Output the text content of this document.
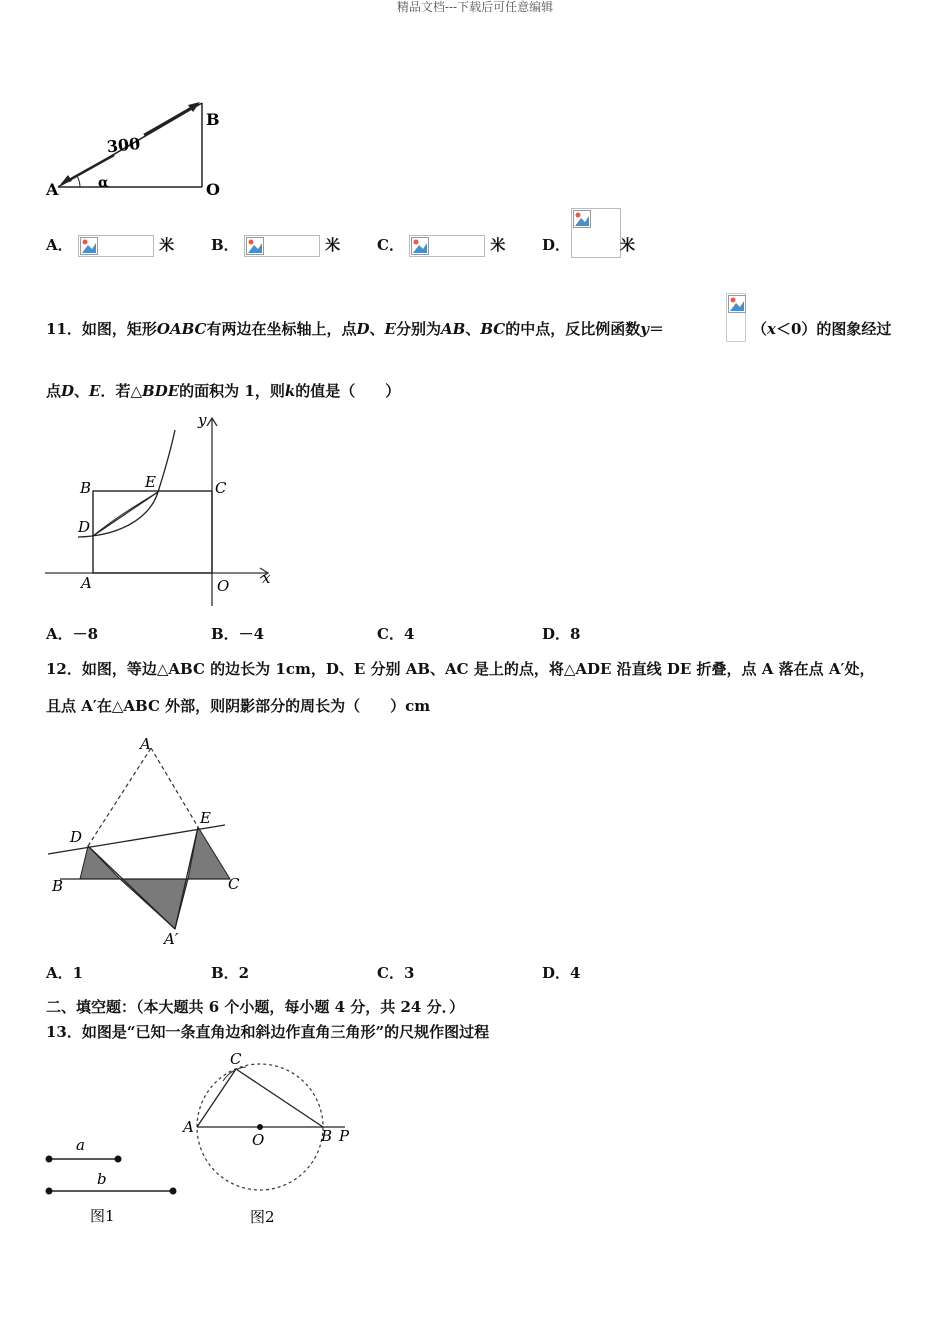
精品文档---下载后可任意编辑
A
B
O
α
300
A．	米 B．	米 C．	米 D．	米
11．如图，矩形OABC有两边在坐标轴上，点D、E分别为AB、BC的中点，反比例函数y＝	（x＜0）的图象经过
点D、E．若△BDE的面积为 1，则k的值是（　　）
y
x
B	E	C
D
A	O
A．－8	B．－4	C．4	D．8
12．如图，等边△ABC 的边长为 1cm，D、E 分别 AB、AC 是上的点，将△ADE 沿直线 DE 折叠，点 A 落在点 A′处，
且点 A′在△ABC 外部，则阴影部分的周长为（　　）cm
A
E
D
B	C
A′
A．1	B．2	C．3	D．4
二、填空题：（本大题共 6 个小题，每小题 4 分，共 24 分．）
13．如图是“已知一条直角边和斜边作直角三角形”的尺规作图过程
a
b
图1
C
A
O	B P
图2
